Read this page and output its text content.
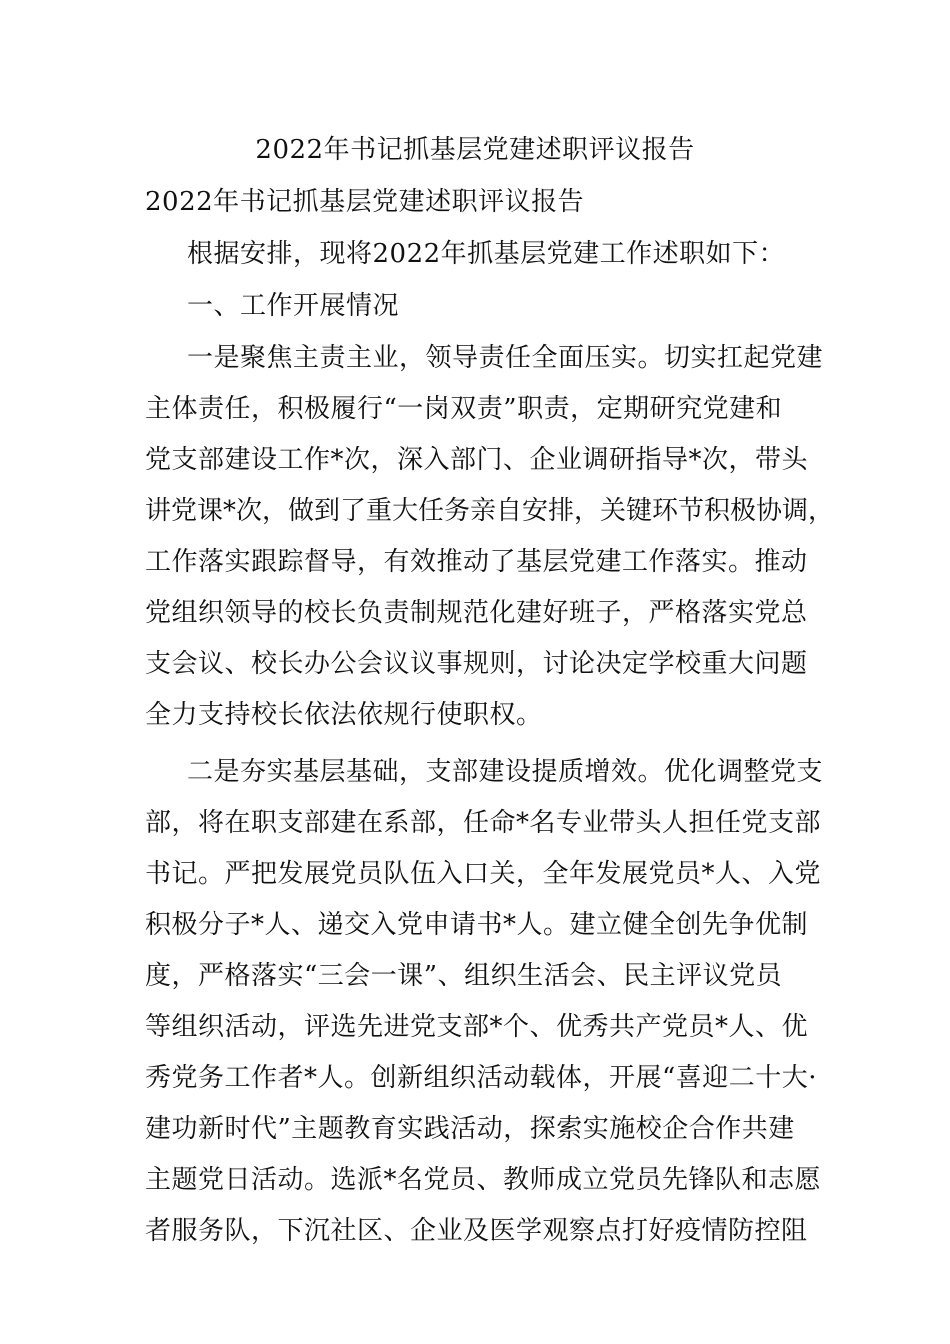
2022年书记抓基层党建述职评议报告
2022年书记抓基层党建述职评议报告
根据安排，现将2022年抓基层党建工作述职如下：
一、工作开展情况
一是聚焦主责主业，领导责任全面压实。切实扛起党建
主体责任，积极履行“一岗双责”职责，定期研究党建和
党支部建设工作*次，深入部门、企业调研指导*次，带头
讲党课*次，做到了重大任务亲自安排，关键环节积极协调，
工作落实跟踪督导，有效推动了基层党建工作落实。推动
党组织领导的校长负责制规范化建好班子，严格落实党总
支会议、校长办公会议议事规则，讨论决定学校重大问题
全力支持校长依法依规行使职权。
二是夯实基层基础，支部建设提质增效。优化调整党支
部，将在职支部建在系部，任命*名专业带头人担任党支部
书记。严把发展党员队伍入口关，全年发展党员*人、入党
积极分子*人、递交入党申请书*人。建立健全创先争优制
度，严格落实“三会一课”、组织生活会、民主评议党员
等组织活动，评选先进党支部*个、优秀共产党员*人、优
秀党务工作者*人。创新组织活动载体，开展“喜迎二十大·
建功新时代”主题教育实践活动，探索实施校企合作共建
主题党日活动。选派*名党员、教师成立党员先锋队和志愿
者服务队，下沉社区、企业及医学观察点打好疫情防控阻
